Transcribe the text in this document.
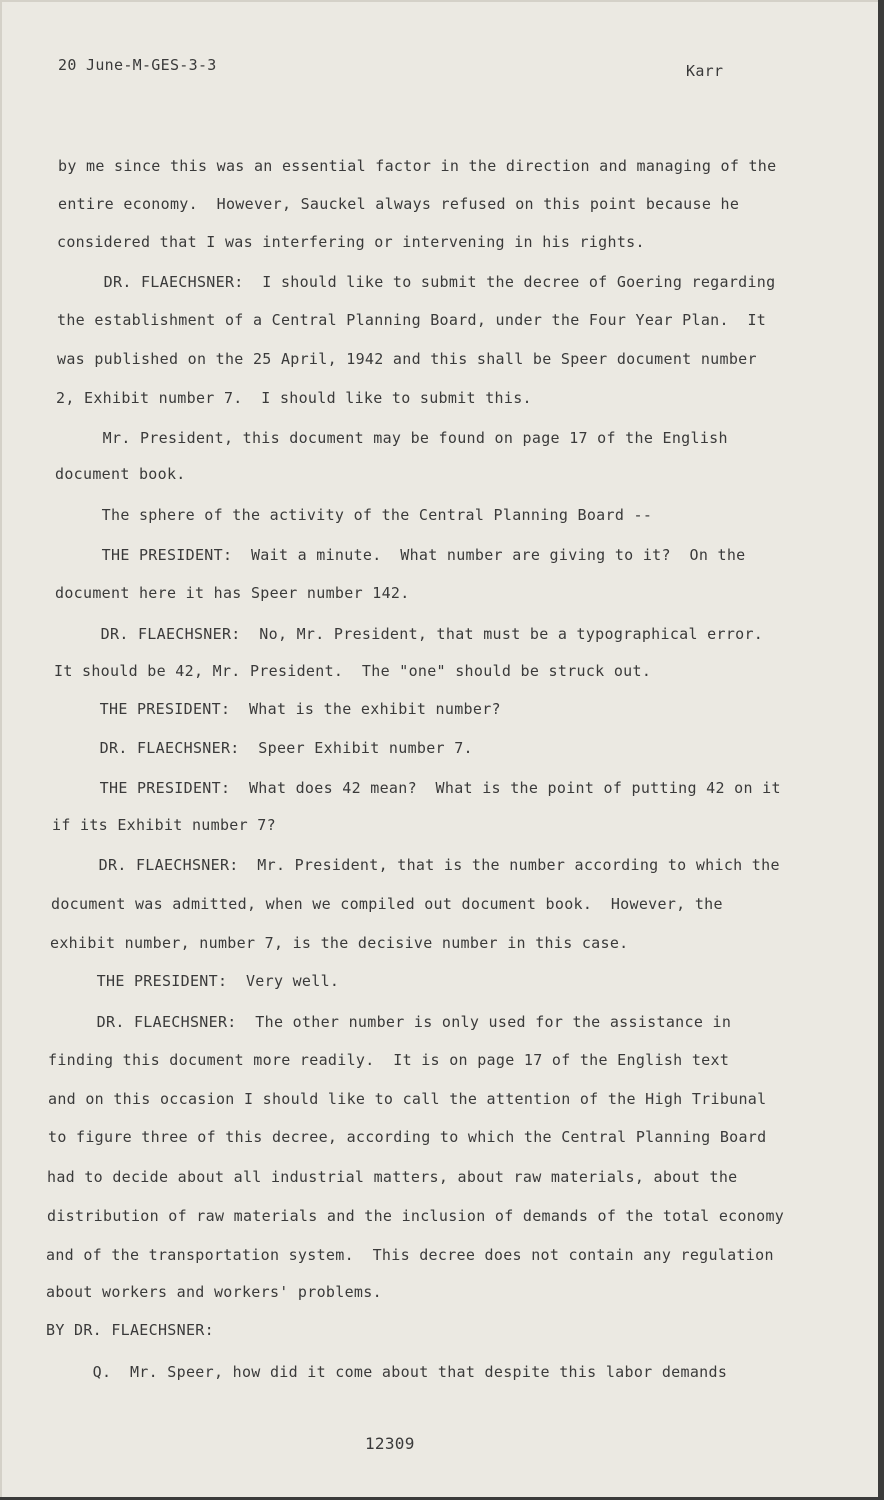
20 June-M-GES-3-3	Karr
by me since this was an essential factor in the direction and managing of the
entire economy.  However, Sauckel always refused on this point because he
considered that I was interfering or intervening in his rights.
DR. FLAECHSNER:  I should like to submit the decree of Goering regarding
the establishment of a Central Planning Board, under the Four Year Plan.  It
was published on the 25 April, 1942 and this shall be Speer document number
2, Exhibit number 7.  I should like to submit this.
Mr. President, this document may be found on page 17 of the English
document book.
The sphere of the activity of the Central Planning Board --
THE PRESIDENT:  Wait a minute.  What number are giving to it?  On the
document here it has Speer number 142.
DR. FLAECHSNER:  No, Mr. President, that must be a typographical error.
It should be 42, Mr. President.  The "one" should be struck out.
THE PRESIDENT:  What is the exhibit number?
DR. FLAECHSNER:  Speer Exhibit number 7.
THE PRESIDENT:  What does 42 mean?  What is the point of putting 42 on it
if its Exhibit number 7?
DR. FLAECHSNER:  Mr. President, that is the number according to which the
document was admitted, when we compiled out document book.  However, the
exhibit number, number 7, is the decisive number in this case.
THE PRESIDENT:  Very well.
DR. FLAECHSNER:  The other number is only used for the assistance in
finding this document more readily.  It is on page 17 of the English text
and on this occasion I should like to call the attention of the High Tribunal
to figure three of this decree, according to which the Central Planning Board
had to decide about all industrial matters, about raw materials, about the
distribution of raw materials and the inclusion of demands of the total economy
and of the transportation system.  This decree does not contain any regulation
about workers and workers' problems.
BY DR. FLAECHSNER:
Q.  Mr. Speer, how did it come about that despite this labor demands
12309
